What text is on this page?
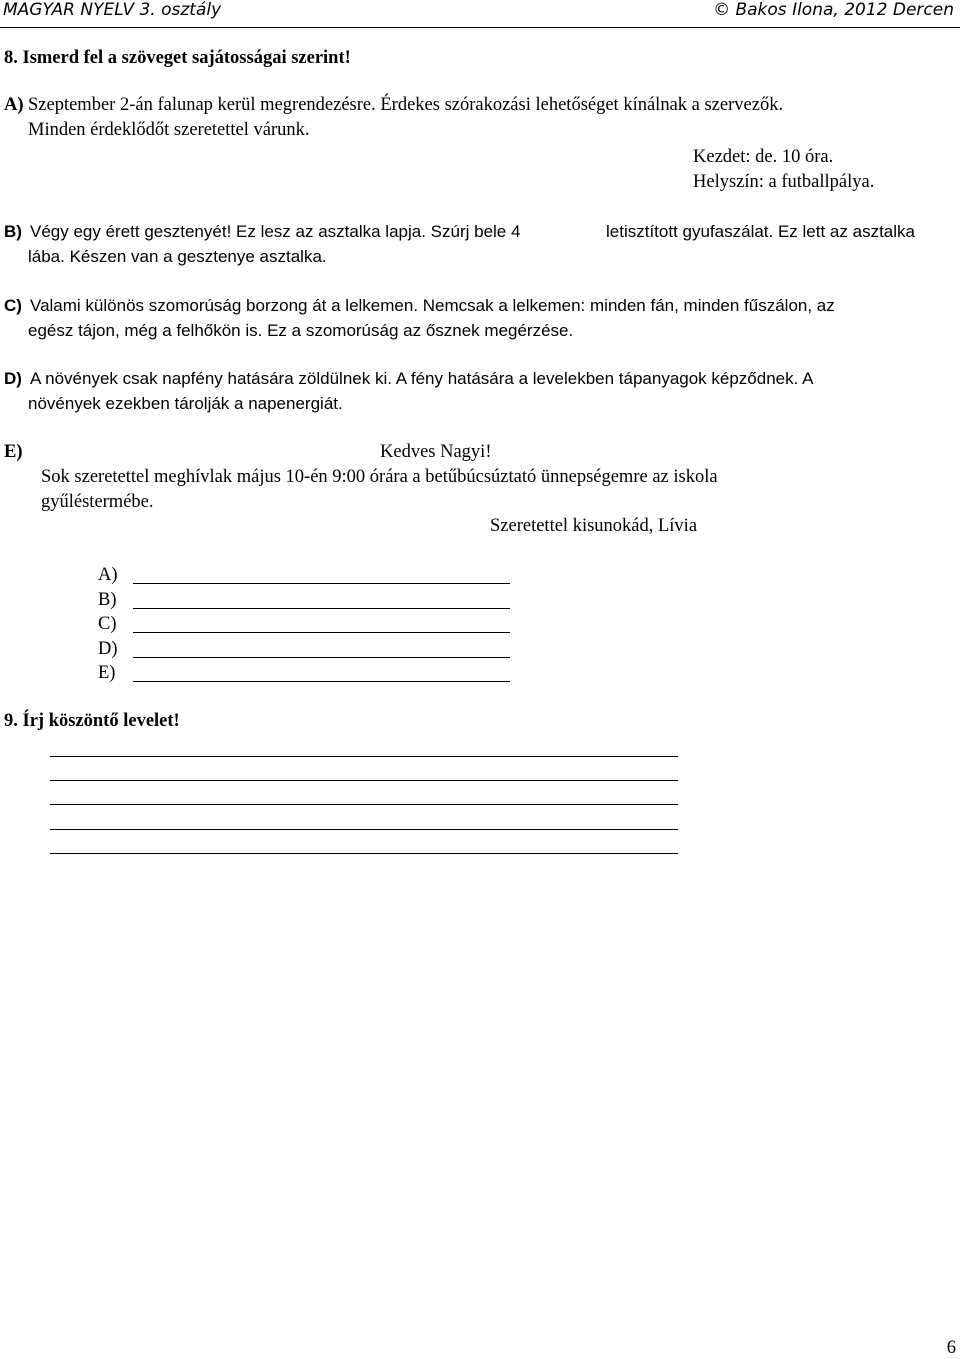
MAGYAR NYELV 3. osztály	© Bakos Ilona, 2012 Dercen
8. Ismerd fel a szöveget sajátosságai szerint!
A) Szeptember 2-án falunap kerül megrendezésre. Érdekes szórakozási lehetőséget kínálnak a szervezők.
Minden érdeklődőt szeretettel várunk.
Kezdet: de. 10 óra.
Helyszín: a futballpálya.
B) Végy egy érett gesztenyét! Ez lesz az asztalka lapja. Szúrj bele 4	letisztított gyufaszálat. Ez lett az asztalka
lába. Készen van a gesztenye asztalka.
C) Valami különös szomorúság borzong át a lelkemen. Nemcsak a lelkemen: minden fán, minden fűszálon, az
egész tájon, még a felhőkön is. Ez a szomorúság az ősznek megérzése.
D) A növények csak napfény hatására zöldülnek ki. A fény hatására a levelekben tápanyagok képződnek. A
növények ezekben tárolják a napenergiát.
E)	Kedves Nagyi!
Sok szeretettel meghívlak május 10-én 9:00 órára a betűbúcsúztató ünnepségemre az iskola
gyűléstermébe.
Szeretettel kisunokád, Lívia
A)
B)
C)
D)
E)
9. Írj köszöntő levelet!
6
